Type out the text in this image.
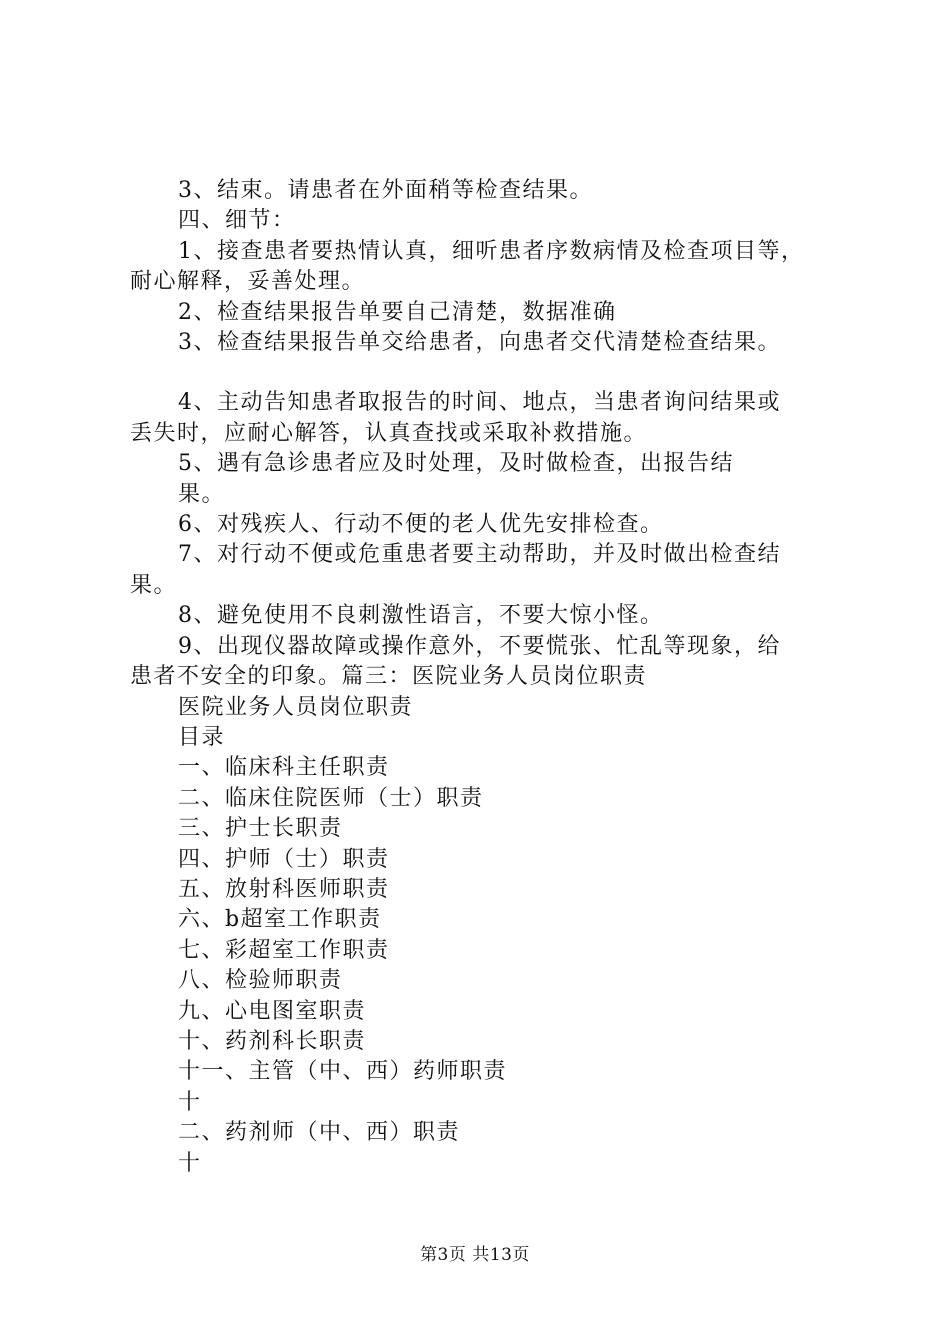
3、结束。请患者在外面稍等检查结果。

四、细节：

1、接查患者要热情认真，细听患者序数病情及检查项目等，

耐心解释，妥善处理。

2、检查结果报告单要自己清楚，数据准确

3、检查结果报告单交给患者，向患者交代清楚检查结果。

4、主动告知患者取报告的时间、地点，当患者询问结果或

丢失时，应耐心解答，认真查找或采取补救措施。

5、遇有急诊患者应及时处理，及时做检查，出报告结

果。

6、对残疾人、行动不便的老人优先安排检查。

7、对行动不便或危重患者要主动帮助，并及时做出检查结

果。

8、避免使用不良刺激性语言，不要大惊小怪。

9、出现仪器故障或操作意外，不要慌张、忙乱等现象，给

患者不安全的印象。篇三：医院业务人员岗位职责

医院业务人员岗位职责

目录

一、临床科主任职责

二、临床住院医师（士）职责

三、护士长职责

四、护师（士）职责

五、放射科医师职责

六、b超室工作职责

七、彩超室工作职责

八、检验师职责

九、心电图室职责

十、药剂科长职责

十一、主管（中、西）药师职责

十

二、药剂师（中、西）职责

十

第3页 共13页
